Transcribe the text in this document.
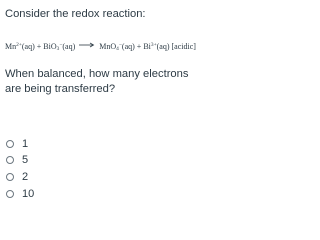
Consider the redox reaction:
$Mn^{2+}(aq) + BiO_3^-(aq) \to MnO_4^-(aq) + Bi^{3+}(aq)$ [acidic]
When balanced, how many electrons are being transferred?
1
5
2
10
